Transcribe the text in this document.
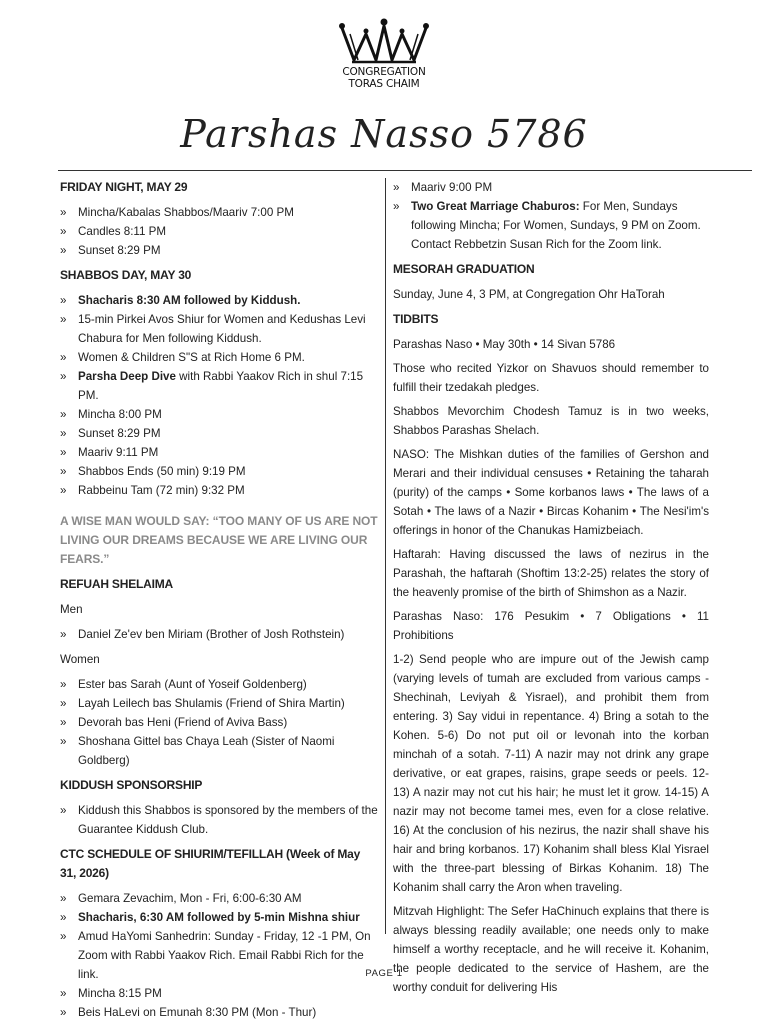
CONGREGATION
TORAS CHAIM
Parshas Nasso 5786
FRIDAY NIGHT, MAY 29
» Mincha/Kabalas Shabbos/Maariv 7:00 PM
» Candles 8:11 PM
» Sunset 8:29 PM
SHABBOS DAY, MAY 30
» Shacharis 8:30 AM followed by Kiddush.
» 15-min Pirkei Avos Shiur for Women and Kedushas Levi Chabura for Men following Kiddush.
» Women & Children S"S at Rich Home 6 PM.
» Parsha Deep Dive with Rabbi Yaakov Rich in shul 7:15 PM.
» Mincha 8:00 PM
» Sunset 8:29 PM
» Maariv 9:11 PM
» Shabbos Ends (50 min) 9:19 PM
» Rabbeinu Tam (72 min) 9:32 PM
A WISE MAN WOULD SAY: “TOO MANY OF US ARE NOT LIVING OUR DREAMS BECAUSE WE ARE LIVING OUR FEARS.”
REFUAH SHELAIMA

Men

» Daniel Ze'ev ben Miriam (Brother of Josh Rothstein)

Women

» Ester bas Sarah (Aunt of Yoseif Goldenberg)
» Layah Leilech bas Shulamis (Friend of Shira Martin)
» Devorah bas Heni (Friend of Aviva Bass)
» Shoshana Gittel bas Chaya Leah (Sister of Naomi Goldberg)
KIDDUSH SPONSORSHIP
» Kiddush this Shabbos is sponsored by the members of the Guarantee Kiddush Club.
CTC SCHEDULE OF SHIURIM/TEFILLAH (Week of May 31, 2026)
» Gemara Zevachim, Mon - Fri, 6:00-6:30 AM
» Shacharis, 6:30 AM followed by 5-min Mishna shiur
» Amud HaYomi Sanhedrin: Sunday - Friday, 12 -1 PM, On Zoom with Rabbi Yaakov Rich. Email Rabbi Rich for the link.
» Mincha 8:15 PM
» Beis HaLevi on Emunah 8:30 PM (Mon - Thur)
» Maariv 9:00 PM
» Two Great Marriage Chaburos: For Men, Sundays following Mincha; For Women, Sundays, 9 PM on Zoom. Contact Rebbetzin Susan Rich for the Zoom link.
MESORAH GRADUATION

Sunday, June 4, 3 PM, at Congregation Ohr HaTorah

TIDBITS

Parashas Naso • May 30th • 14 Sivan 5786

Those who recited Yizkor on Shavuos should remember to fulfill their tzedakah pledges.

Shabbos Mevorchim Chodesh Tamuz is in two weeks, Shabbos Parashas Shelach.

NASO: The Mishkan duties of the families of Gershon and Merari and their individual censuses • Retaining the taharah (purity) of the camps • Some korbanos laws • The laws of a Sotah • The laws of a Nazir • Bircas Kohanim • The Nesi'im's offerings in honor of the Chanukas Hamizbeiach.

Haftarah: Having discussed the laws of nezirus in the Parashah, the haftarah (Shoftim 13:2-25) relates the story of the heavenly promise of the birth of Shimshon as a Nazir.

Parashas Naso: 176 Pesukim • 7 Obligations • 11 Prohibitions

1-2) Send people who are impure out of the Jewish camp (varying levels of tumah are excluded from various camps - Shechinah, Leviyah & Yisrael), and prohibit them from entering. 3) Say vidui in repentance. 4) Bring a sotah to the Kohen. 5-6) Do not put oil or levonah into the korban minchah of a sotah. 7-11) A nazir may not drink any grape derivative, or eat grapes, raisins, grape seeds or peels. 12-13) A nazir may not cut his hair; he must let it grow. 14-15) A nazir may not become tamei mes, even for a close relative. 16) At the conclusion of his nezirus, the nazir shall shave his hair and bring korbanos. 17) Kohanim shall bless Klal Yisrael with the three-part blessing of Birkas Kohanim. 18) The Kohanim shall carry the Aron when traveling.

Mitzvah Highlight: The Sefer HaChinuch explains that there is always blessing readily available; one needs only to make himself a worthy receptacle, and he will receive it. Kohanim, the people dedicated to the service of Hashem, are the worthy conduit for delivering His

PAGE 1
